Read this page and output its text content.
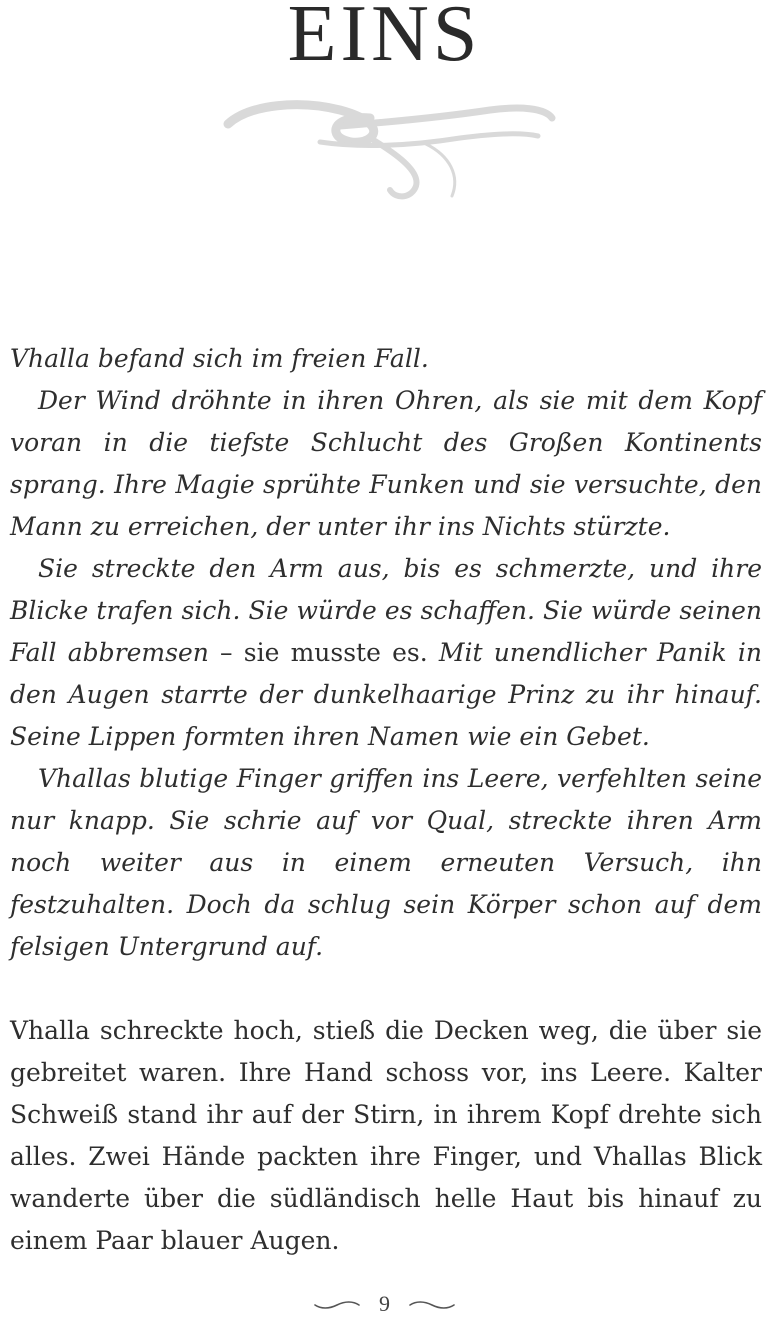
EINS

Vhalla befand sich im freien Fall.

Der Wind dröhnte in ihren Ohren, als sie mit dem Kopf voran in die tiefste Schlucht des Großen Kontinents sprang. Ihre Magie sprühte Funken und sie versuchte, den Mann zu erreichen, der unter ihr ins Nichts stürzte.

Sie streckte den Arm aus, bis es schmerzte, und ihre Blicke trafen sich. Sie würde es schaffen. Sie würde seinen Fall abbremsen – sie musste es. Mit unendlicher Panik in den Augen starrte der dunkelhaarige Prinz zu ihr hinauf. Seine Lippen formten ihren Namen wie ein Gebet.

Vhallas blutige Finger griffen ins Leere, verfehlten seine nur knapp. Sie schrie auf vor Qual, streckte ihren Arm noch weiter aus in einem erneuten Versuch, ihn festzuhalten. Doch da schlug sein Körper schon auf dem felsigen Untergrund auf.

Vhalla schreckte hoch, stieß die Decken weg, die über sie gebreitet waren. Ihre Hand schoss vor, ins Leere. Kalter Schweiß stand ihr auf der Stirn, in ihrem Kopf drehte sich alles. Zwei Hände packten ihre Finger, und Vhallas Blick wanderte über die südländisch helle Haut bis hinauf zu einem Paar blauer Augen.

9
